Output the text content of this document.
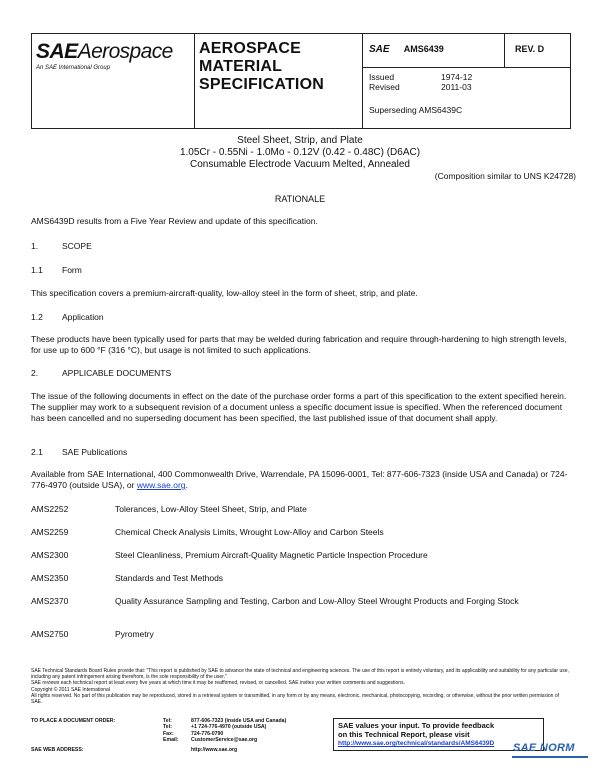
SAE Aerospace
An SAE International Group

AEROSPACE
MATERIAL
SPECIFICATION
	SAE AMS6439	REV. D

Issued	1974-12
Revised	2011-03
Superseding AMS6439C
Steel Sheet, Strip, and Plate
1.05Cr - 0.55Ni - 1.0Mo - 0.12V (0.42 - 0.48C) (D6AC)
Consumable Electrode Vacuum Melted, Annealed
(Composition similar to UNS K24728)
RATIONALE
AMS6439D results from a Five Year Review and update of this specification.
1.	SCOPE
1.1 Form
This specification covers a premium-aircraft-quality, low-alloy steel in the form of sheet, strip, and plate.
1.2 Application
These products have been typically used for parts that may be welded during fabrication and require through-hardening to high strength levels, for use up to 600 °F (316 °C), but usage is not limited to such applications.
2.	APPLICABLE DOCUMENTS
The issue of the following documents in effect on the date of the purchase order forms a part of this specification to the extent specified herein. The supplier may work to a subsequent revision of a document unless a specific document issue is specified. When the referenced document has been cancelled and no superseding document has been specified, the last published issue of that document shall apply.
2.1 SAE Publications
Available from SAE International, 400 Commonwealth Drive, Warrendale, PA 15096-0001, Tel: 877-606-7323 (inside USA and Canada) or 724-776-4970 (outside USA), or www.sae.org.
AMS2252	Tolerances, Low-Alloy Steel Sheet, Strip, and Plate
AMS2259	Chemical Check Analysis Limits, Wrought Low-Alloy and Carbon Steels
AMS2300	Steel Cleanliness, Premium Aircraft-Quality Magnetic Particle Inspection Procedure
AMS2350	Standards and Test Methods
AMS2370	Quality Assurance Sampling and Testing, Carbon and Low-Alloy Steel Wrought Products and Forging Stock
AMS2750	Pyrometry
SAE Technical Standards Board Rules provide that: "This report is published by SAE to advance the state of technical and engineering sciences. The use of this report is entirely voluntary, and its applicability and suitability for any particular use, including any patent infringement arising therefrom, is the sole responsibility of the user."
SAE reviews each technical report at least every five years at which time it may be reaffirmed, revised, or cancelled. SAE invites your written comments and suggestions.
Copyright © 2011 SAE International
All rights reserved. No part of this publication may be reproduced, stored in a retrieval system or transmitted, in any form or by any means, electronic, mechanical, photocopying, recording, or otherwise, without the prior written permission of SAE.
TO PLACE A DOCUMENT ORDER:	Tel:	877-606-7323 (inside USA and Canada)
Tel:	+1 724-776-4970 (outside USA)
Fax:	724-776-0790
Email:	CustomerService@sae.org
SAE WEB ADDRESS:	http://www.sae.org
SAE values your input. To provide feedback
on this Technical Report, please visit
http://www.sae.org/technical/standards/AMS6439D	SAE NORM
